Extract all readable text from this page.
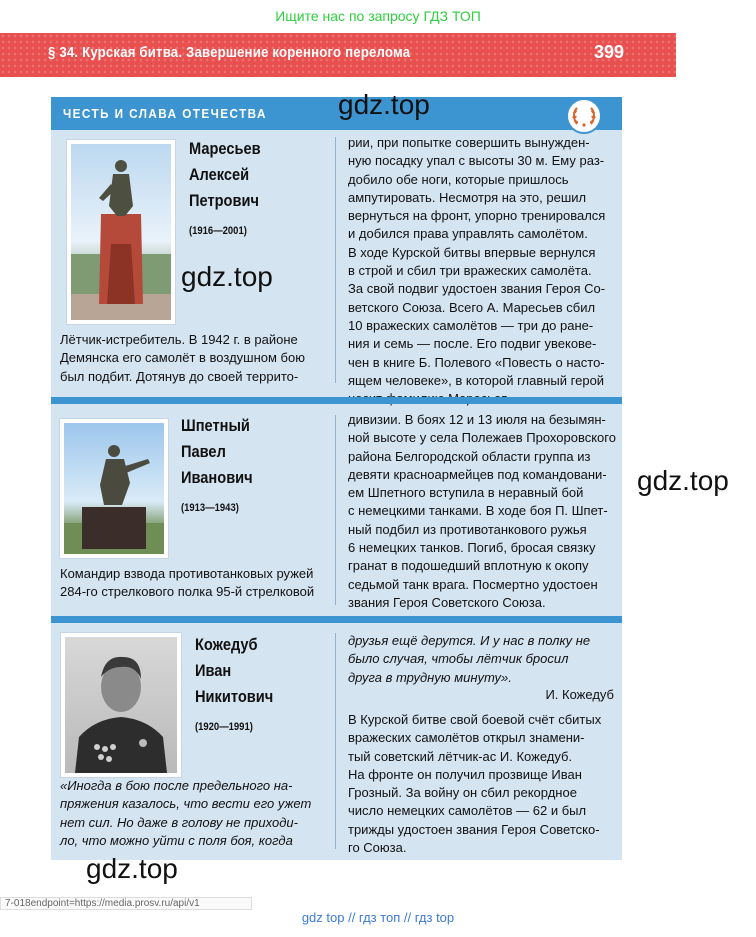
Ищите нас по запросу ГДЗ ТОП
§ 34. Курская битва. Завершение коренного перелома	399
ЧЕСТЬ И СЛАВА ОТЕЧЕСТВА
Маресьев
Алексей
Петрович
(1916—2001)
Лётчик-истребитель. В 1942 г. в районе
Демянска его самолёт в воздушном бою
был подбит. Дотянув до своей террито-
рии, при попытке совершить вынужден-
ную посадку упал с высоты 30 м. Ему раз-
добило обе ноги, которые пришлось
ампутировать. Несмотря на это, решил
вернуться на фронт, упорно тренировался
и добился права управлять самолётом.
В ходе Курской битвы впервые вернулся
в строй и сбил три вражеских самолёта.
За свой подвиг удостоен звания Героя Со-
ветского Союза. Всего А. Маресьев сбил
10 вражеских самолётов — три до ране-
ния и семь — после. Его подвиг увекове-
чен в книге Б. Полевого «Повесть о насто-
ящем человеке», в которой главный герой
Шпетный
Павел
Иванович
(1913—1943)
Командир взвода противотанковых ружей
284-го стрелкового полка 95-й стрелковой
дивизии. В боях 12 и 13 июля на безымян-
ной высоте у села Полежаев Прохоровского
района Белгородской области группа из
девяти красноармейцев под командовани-
ем Шпетного вступила в неравный бой
с немецкими танками. В ходе боя П. Шпет-
ный подбил из противотанкового ружья
6 немецких танков. Погиб, бросая связку
гранат в подошедший вплотную к окопу
седьмой танк врага. Посмертно удостоен
звания Героя Советского Союза.
Кожедуб
Иван
Никитович
(1920—1991)
«Иногда в бою после предельного на-
пряжения казалось, что вести его ужет
нет сил. Но даже в голову не приходи-
ло, что можно уйти с поля боя, когда
друзья ещё дерутся. И у нас в полку не
было случая, чтобы лётчик бросил
друга в трудную минуту».
И. Кожедуб
В Курской битве свой боевой счёт сбитых
вражеских самолётов открыл знамени-
тый советский лётчик-ас И. Кожедуб.
На фронте он получил прозвище Иван
Грозный. За войну он сбил рекордное
число немецких самолётов — 62 и был
трижды удостоен звания Героя Советско-
го Союза.
gdz.top
gdz.top
gdz.top
gdz.top
7-018endpoint=https://media.prosv.ru/api/v1
gdz top // гдз топ // гдз top
